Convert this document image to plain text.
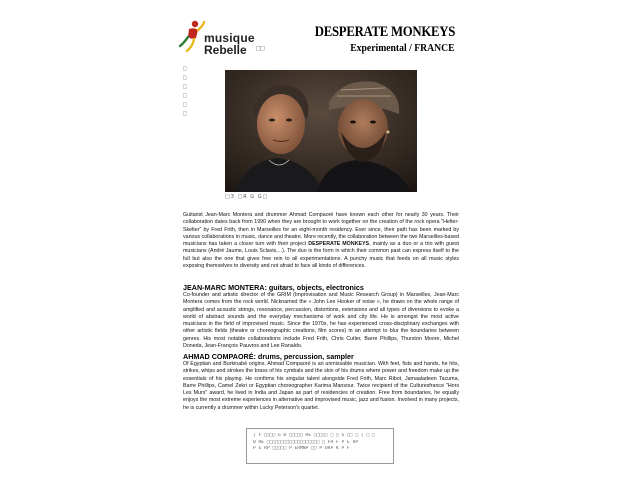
musique
Rebelle □□
DESPERATE MONKEYS
Experimental / FRANCE
□
□
□
□
□
□
□3 □R G G□

Guitarist Jean-Marc Montera and drummer Ahmad Compaoré have known each other for nearly 30 years. Their collaboration dates back from 1990 when they are brought to work together on the creation of the rock opera "Helter-Skelter" by Fred Frith, then in Marseilles for an eight-month residency. Ever since, their path has been marked by various collaborations in music, dance and theatre. More recently, the collaboration between the two Marseilles-based musicians has taken a closer turn with their project DESPERATE MONKEYS, mainly as a duo or a trio with guest musicians (André Jaume, Louis Sclavis,...). The duo is the form in which their common past can express itself to the full but also the one that gives free rein to all experimentations. A punchy music that feeds on all music styles exposing themselves to diversity and not afraid to face all kinds of differences.

JEAN-MARC MONTERA: guitars, objects, electronics

Co-founder and artistic director of the GRIM (Improvisation and Music Research Group) in Marseilles, Jean-Marc Montera comes from the rock world. Nicknamed the « John Lee Hooker of noise », he draws on the whole range of amplified and acoustic strings, resonance, percussion, distortions, extensions and all types of diversions to evoke a world of abstract sounds and the everyday mechanisms of work and city life. He is amongst the most active musicians in the field of improvised music. Since the 1970s, he has experienced cross-disciplinary exchanges with other artistic fields (theatre or choreographic creations, film scores) in an attempt to blur the boundaries between genres. His most notable collaborations include Fred Frith, Chris Cutler, Barre Phillips, Thurston Moore, Michel Doneda, Jean-François Pauvros and Lee Ranaldo.

AHMAD COMPAORÉ: drums, percussion, sampler

Of Egyptian and Burkinabé origins, Ahmad Compaoré is an unmissable musician. With feet, fists and hands, he hits, strikes, whips and strokes the brass of his cymbals and the skin of his drums where power and freedom make up the essentials of his playing. He confirms his singular talent alongside Fred Frith, Marc Ribot, Jamaaladeen Tacuma, Barre Phillips, Camel Zekri or Egyptian choreographer Karima Mansour. Twice recipient of the Culturesfrance "Hors Les Murs" award, he lived in India and Japan as part of residencies of creation. Free from boundaries, he equally enjoys the most extreme experiences in alternative and improvised music, jazz and fusion. Involved in many projects, he is currently a drummer within Lucky Peterson's quartet.

[ F □□□□ G 0 □□□□□ RE □□□□□ □ □ S □□ □ [ □ □
0 RE □□□□□□□□□□□□□□□□□□□ □ FR F P E RP
P E RP □□□□□ P ERMNP □□ P ORP K P F
